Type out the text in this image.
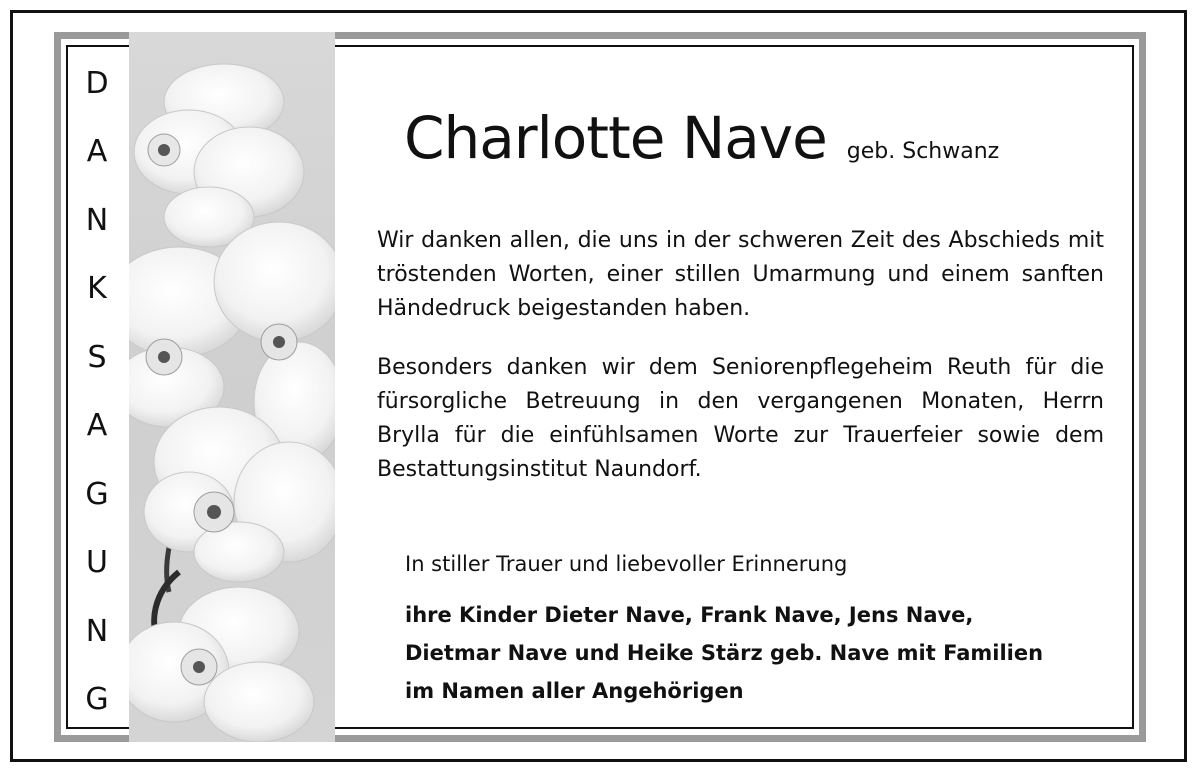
D
A
N
K
S
A
G
U
N
G
Charlotte Nave geb. Schwanz

Wir danken allen, die uns in der schweren Zeit des Abschieds mit tröstenden Worten, einer stillen Umarmung und einem sanften Händedruck beigestanden haben.

Besonders danken wir dem Seniorenpflegeheim Reuth für die fürsorgliche Betreuung in den vergangenen Monaten, Herrn Brylla für die einfühlsamen Worte zur Trauerfeier sowie dem Bestattungsinstitut Naundorf.

In stiller Trauer und liebevoller Erinnerung
ihre Kinder Dieter Nave, Frank Nave, Jens Nave,
Dietmar Nave und Heike Stärz geb. Nave mit Familien
im Namen aller Angehörigen
